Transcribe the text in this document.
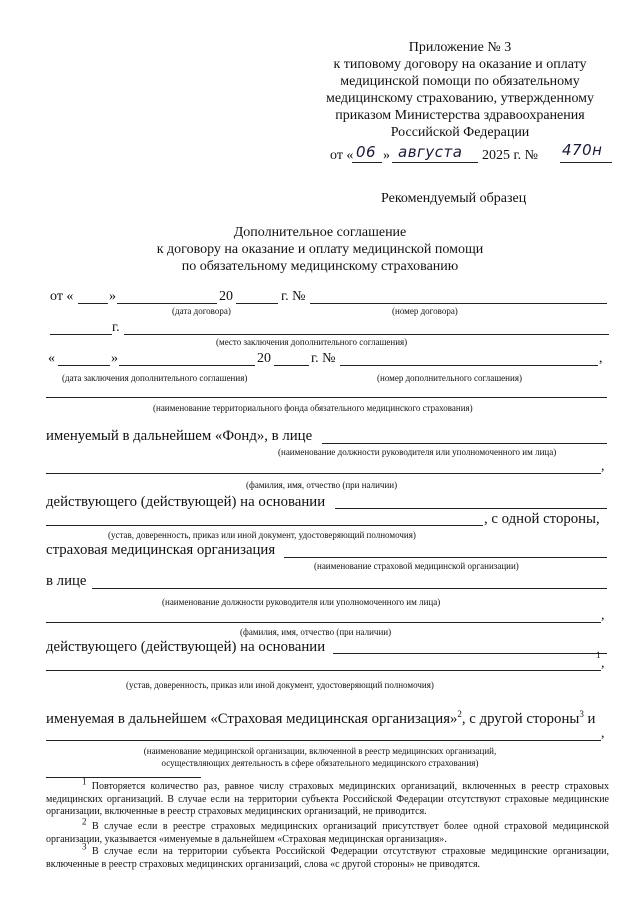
Приложение № 3
к типовому договору на оказание и оплату
медицинской помощи по обязательному
медицинскому страхованию, утвержденному
приказом Министерства здравоохранения
Российской Федерации
от « 06 » августа 2025 г. № 470н
Рекомендуемый образец
Дополнительное соглашение
к договору на оказание и оплату медицинской помощи
по обязательному медицинскому страхованию
от «	»	20	г. №
(дата договора)	(номер договора)
г.
(место заключения дополнительного соглашения)
«	»	20	г. №	,
(дата заключения дополнительного соглашения)	(номер дополнительного соглашения)
(наименование территориального фонда обязательного медицинского страхования)
именуемый в дальнейшем «Фонд», в лице
(наименование должности руководителя или уполномоченного им лица)
,
(фамилия, имя, отчество (при наличии)
действующего (действующей) на основании
, с одной стороны,
(устав, доверенность, приказ или иной документ, удостоверяющий полномочия)
страховая медицинская организация
(наименование страховой медицинской организации)
в лице
(наименование должности руководителя или уполномоченного им лица)
,
(фамилия, имя, отчество (при наличии)
действующего (действующей) на основании
,
1
(устав, доверенность, приказ или иной документ, удостоверяющий полномочия)
именуемая в дальнейшем «Страховая медицинская организация»$^2$, с другой стороны$^3$ и
,
(наименование медицинской организации, включенной в реестр медицинских организаций,
осуществляющих деятельность в сфере обязательного медицинского страхования)
$^1$ Повторяется количество раз, равное числу страховых медицинских организаций, включенных в реестр страховых медицинских организаций. В случае если на территории субъекта Российской Федерации отсутствуют страховые медицинские организации, включенные в реестр страховых медицинских организаций, не приводится.
$^2$ В случае если в реестре страховых медицинских организаций присутствует более одной страховой медицинской организации, указывается «именуемые в дальнейшем «Страховая медицинская организация».
$^3$ В случае если на территории субъекта Российской Федерации отсутствуют страховые медицинские организации, включенные в реестр страховых медицинских организаций, слова «с другой стороны» не приводятся.
